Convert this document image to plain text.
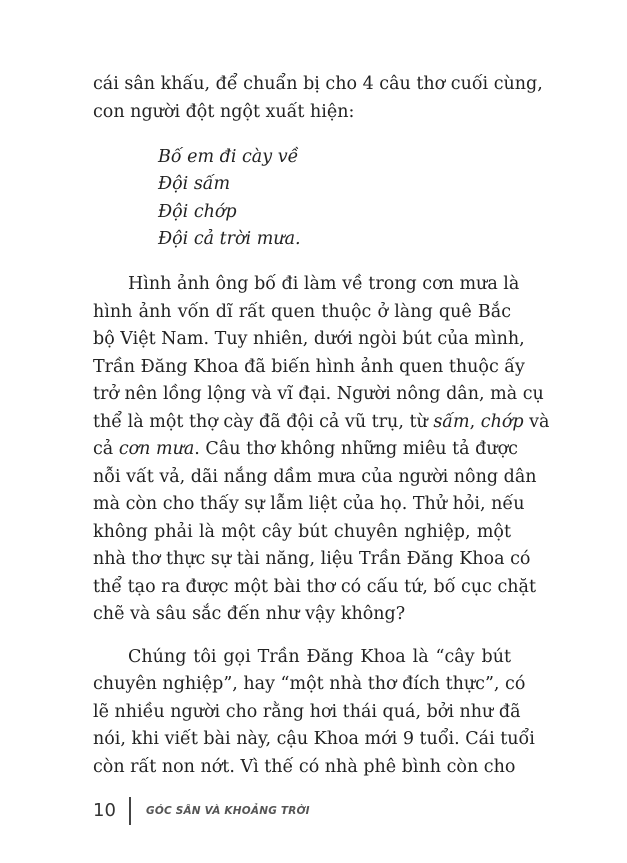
cái sân khấu, để chuẩn bị cho 4 câu thơ cuối cùng,
con người đột ngột xuất hiện:
Bố em đi cày về
Đội sấm
Đội chớp
Đội cả trời mưa.
Hình ảnh ông bố đi làm về trong cơn mưa là
hình ảnh vốn dĩ rất quen thuộc ở làng quê Bắc
bộ Việt Nam. Tuy nhiên, dưới ngòi bút của mình,
Trần Đăng Khoa đã biến hình ảnh quen thuộc ấy
trở nên lồng lộng và vĩ đại. Người nông dân, mà cụ
thể là một thợ cày đã đội cả vũ trụ, từ sấm, chớp và
cả cơn mưa. Câu thơ không những miêu tả được
nỗi vất vả, dãi nắng dầm mưa của người nông dân
mà còn cho thấy sự lẫm liệt của họ. Thử hỏi, nếu
không phải là một cây bút chuyên nghiệp, một
nhà thơ thực sự tài năng, liệu Trần Đăng Khoa có
thể tạo ra được một bài thơ có cấu tứ, bố cục chặt
chẽ và sâu sắc đến như vậy không?
Chúng tôi gọi Trần Đăng Khoa là “cây bút
chuyên nghiệp”, hay “một nhà thơ đích thực”, có
lẽ nhiều người cho rằng hơi thái quá, bởi như đã
nói, khi viết bài này, cậu Khoa mới 9 tuổi. Cái tuổi
còn rất non nớt. Vì thế có nhà phê bình còn cho
10	GÓC SÂN VÀ KHOẢNG TRỜI
